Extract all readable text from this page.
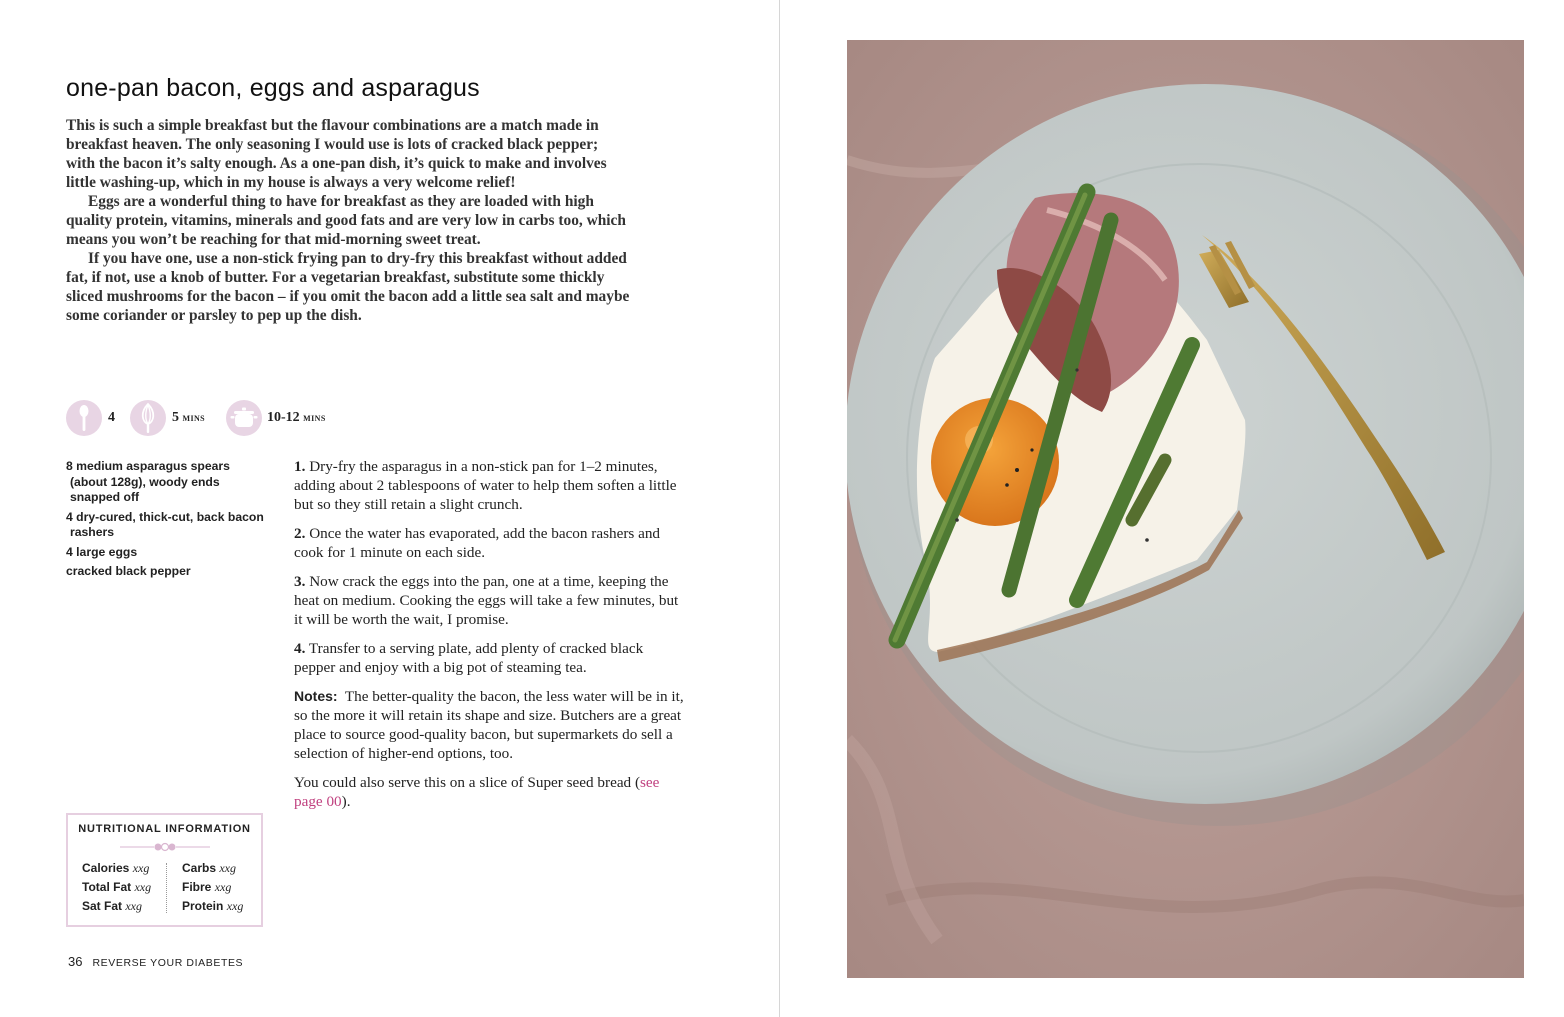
one-pan bacon, eggs and asparagus

This is such a simple breakfast but the flavour combinations are a match made in breakfast heaven. The only seasoning I would use is lots of cracked black pepper; with the bacon it’s salty enough. As a one-pan dish, it’s quick to make and involves little washing-up, which in my house is always a very welcome relief!

Eggs are a wonderful thing to have for breakfast as they are loaded with high quality protein, vitamins, minerals and good fats and are very low in carbs too, which means you won’t be reaching for that mid-morning sweet treat.

If you have one, use a non-stick frying pan to dry-fry this breakfast without added fat, if not, use a knob of butter. For a vegetarian breakfast, substitute some thickly sliced mushrooms for the bacon – if you omit the bacon add a little sea salt and maybe some coriander or parsley to pep up the dish.

4	5 mins	10-12 mins
8 medium asparagus spears (about 128g), woody ends snapped off
4 dry-cured, thick-cut, back bacon rashers
4 large eggs
cracked black pepper

1. Dry-fry the asparagus in a non-stick pan for 1–2 minutes, adding about 2 tablespoons of water to help them soften a little but so they still retain a slight crunch.

2. Once the water has evaporated, add the bacon rashers and cook for 1 minute on each side.

3. Now crack the eggs into the pan, one at a time, keeping the heat on medium. Cooking the eggs will take a few minutes, but it will be worth the wait, I promise.

4. Transfer to a serving plate, add plenty of cracked black pepper and enjoy with a big pot of steaming tea.

Notes: The better-quality the bacon, the less water will be in it, so the more it will retain its shape and size. Butchers are a great place to source good-quality bacon, but supermarkets do sell a selection of higher-end options, too.

You could also serve this on a slice of Super seed bread (see page 00).

NUTRITIONAL INFORMATION
Calories xxg
Total Fat xxg
Sat Fat xxg
Carbs xxg
Fibre xxg
Protein xxg
36 REVERSE YOUR DIABETES
